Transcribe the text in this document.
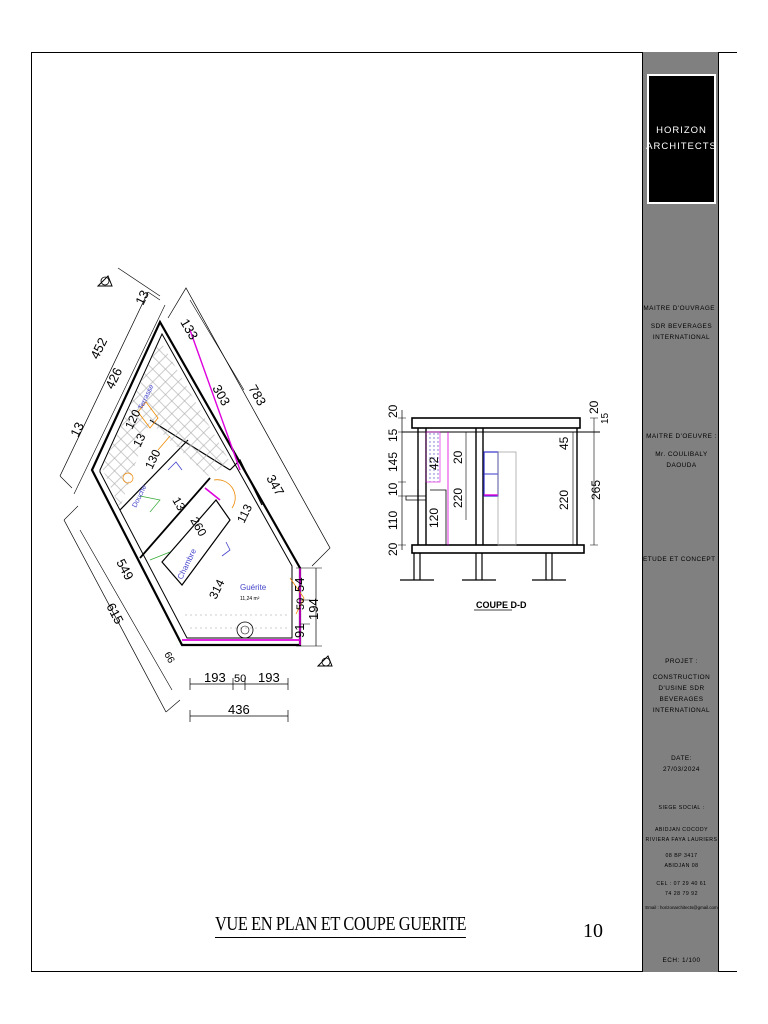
452
426
13
13
133
303 783
347
549
615
66
120
130
13
13
260
113
314
193 50 193
436
91
50
54
194
Guérite
11,24 m²
Chambre
Douche
Terrasse
20
15
145
10
110
20
120
42 20
220
45
220 265
20
15
COUPE D-D
VUE EN PLAN ET COUPE GUERITE	10
HORIZON
ARCHITECTS
MAITRE D'OUVRAGE :
SDR BEVERAGES
INTERNATIONAL
MAITRE D'OEUVRE :
Mr. COULIBALY
DAOUDA
ETUDE ET CONCEPT :
PROJET :
CONSTRUCTION
D'USINE SDR
BEVERAGES
INTERNATIONAL
DATE:
27/03/2024
SIEGE SOCIAL :
ABIDJAN COCODY
RIVIERA FAYA LAURIERS
08 BP 3417
ABIDJAN 08
CEL : 07 29 40 61
74 28 79 92
Email : horizonarchitects@gmail.com
ECH: 1/100
